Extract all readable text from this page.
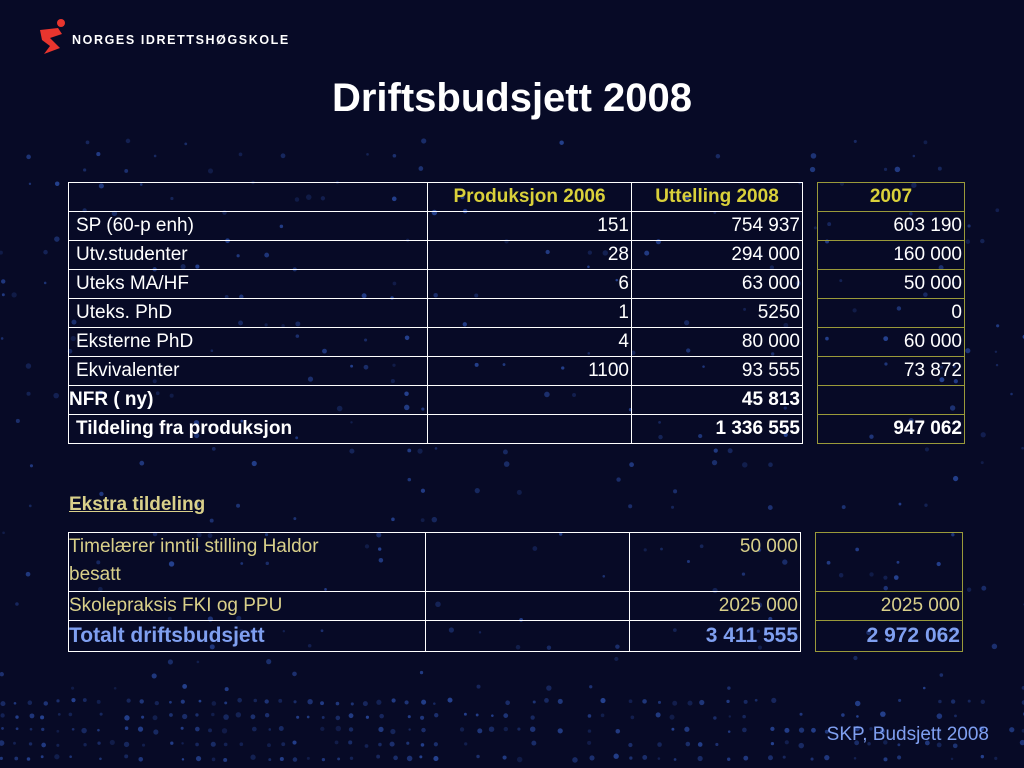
NORGES IDRETTSHØGSKOLE
Driftsbudsjett 2008
	Produksjon 2006	Uttelling 2008		2007
SP (60-p enh)	151	754 937		603 190
Utv.studenter	28	294 000		160 000
Uteks MA/HF	6	63 000		50 000
Uteks. PhD	1	5250		0
Eksterne PhD	4	80 000		60 000
Ekvivalenter	1100	93 555		73 872
NFR ( ny)		45 813		
Tildeling fra produksjon		1 336 555		947 062
Ekstra tildeling
Timelærer inntil stilling Haldor
besatt		50 000		
Skolepraksis FKI og PPU		2025 000		2025 000
Totalt driftsbudsjett		3 411 555		2 972 062
SKP, Budsjett 2008
